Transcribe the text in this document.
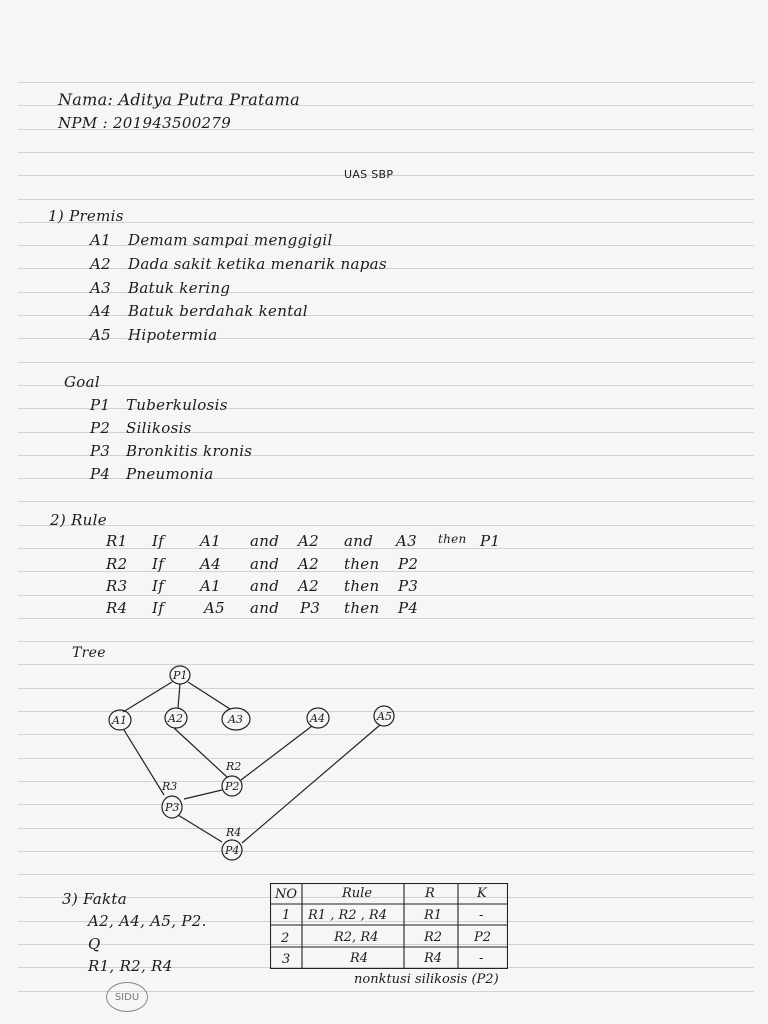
Nama: Aditya Putra Pratama
NPM : 201943500279
UAS SBP
1) Premis
A1 Demam sampai menggigil
A2 Dada sakit ketika menarik napas
A3 Batuk kering
A4 Batuk berdahak kental
A5 Hipotermia
Goal
P1 Tuberkulosis
P2 Silikosis
P3 Bronkitis kronis
P4 Pneumonia
2) Rule
R1 If A1 and A2 and A3 then P1
R2 If A4 and A2 then P2
R3 If A1 and A2 then P3
R4 If	A5 and P3 then P4
Tree
P1
A1	A2	A3	A4	A5
P2
P3
P4
R2
R3
R4
3) Fakta
A2, A4, A5, P2.
Q
R1, R2, R4
NO	Rule	R	K
1 R1 , R2 , R4	R1	-
2	R2, R4	R2 P2
3	R4	R4	-
nonktusi silikosis (P2)
SIDU
